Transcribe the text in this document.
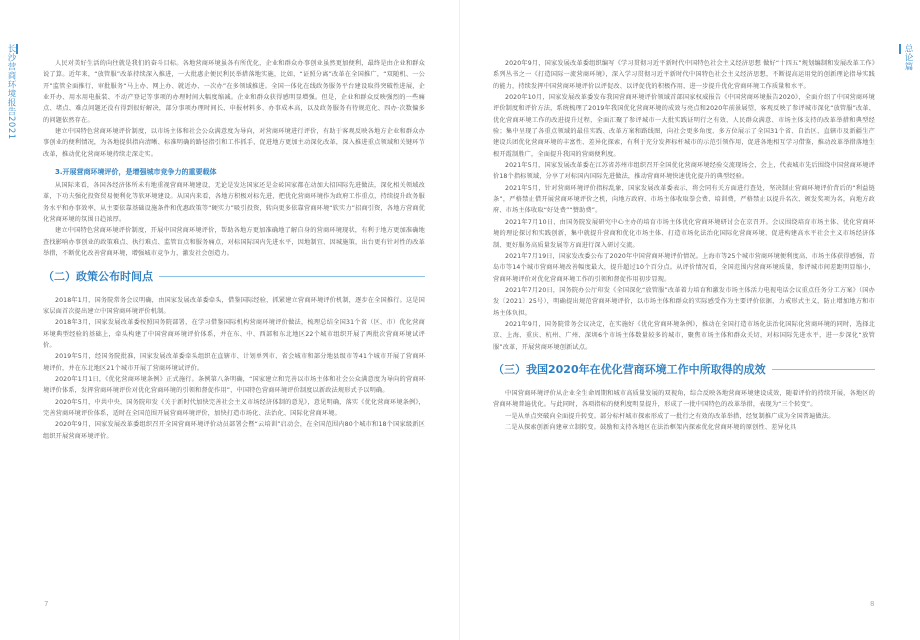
长沙营商环境报告2021	人民对美好生活的向往就是我们的奋斗目标。各地营商环境虽各有所优化，企业和群众办事创业虽然更加便利，最终是由企业和群众说了算。近年来，“放管服”改革持续深入推进，一大批惠企便民利民举措落地实施，比如，“证照分离”改革在全国推广，“双随机、一公开”监管全面推行，审批服务“马上办、网上办、就近办、一次办”在多领域推进。全国一体化在线政务服务平台建设取得突破性进展，企业开办、用水用电报装、不动产登记等事项的办理时间大幅度缩减。企业和群众获得感明显增强。但是，企业和群众反映强烈的一些痛点、堵点、难点问题还没有得到很好解决，部分事项办理时间长、申报材料多、办事成本高，以及政务服务有待规范化、四办·次数偏多的问题依然存在。

建立中国特色营商环境评价制度，以市场主体和社会公众满意度为导向，对营商环境进行评价，有助于客观反映各地方企业和群众办事创业的便利情况，为各地提供指向清晰、标准明确的路径指引和工作抓手，促进地方更加主动深化改革，深入推进重点领域和关键环节改革，推动优化营商环境持续走深走实。

3.开展营商环境评价，是增强城市竞争力的重要载体

从国际来看，各国各经济体所未有地重视营商环境建设，无论是发达国家还是金砖国家都在动加大招国际先进做法，深化相关领域改革，下功夫强化投资贸易便利化等软环境建设。从国内来看，各地方积极对标先进，把优化营商环境作为政府工作重点，持续提升政务服务水平和办事效率，从主要依靠基础设施条件和优惠政策等“硬实力”吸引投资，转向更多依靠营商环境“软实力”招商引资，各地方营商优化营商环境的氛围日趋浓厚。

建立中国特色营商环境评价制度，开展中国营商环境评价，帮助各地方更加准确地了解自身的营商环境现状，有利于地方更加准确地查找影响办事创业的政策难点、执行难点、监管盲点和服务痛点，对标国际国内先进水平，因地制宜、因城施策，出台更有针对性的改革举措，不断优化改善营商环境，增强城市竞争力，激发社会创造力。

（二）政策公布时间点

2018年1月，国务院常务会议明确，由国家发展改革委牵头，借鉴国际经验，抓紧建立营商环境评价机制，逐步在全国推行。这是国家层面首次提出建立中国营商环境评价机制。

2018年3月，国家发展改革委按照国务院部署，在学习借鉴国际机构营商环境评价做法，梳理总结全国31个省（区、市）优化营商环境典型经验的基础上，牵头构建了中国营商环境评价体系，并在东、中、西部和东北地区22个城市组织开展了两批次营商环境试评价。

2019年5月，经国务院批准，国家发展改革委牵头组织在直辖市、计划单列市、省会城市和部分地县级市等41个城市开展了营商环境评价，并在东北地区21个城市开展了营商环境试评价。

2020年1月1日，《优化营商环境条例》正式施行。条例第八条明确，“国家建立和完善以市场主体和社会公众满意度为导向的营商环境评价体系，发挥营商环境评价对优化营商环境的引领和督促作用”，中国特色营商环境评价制度以新政法规形式予以明确。

2020年5月，中共中央、国务院印发《关于新时代加快完善社会主义市场经济体制的意见》，意见明确，落实《优化营商环境条例》，完善营商环境评价体系，适时在全国范围开展营商环境评价，加快打造市场化、法治化、国际化营商环境。

2020年9月，国家发展改革委组织召开全国营商环境评价动员部署会暨“云培训”启动会，在全国范围内80个城市和18个国家级新区组织开展营商环境评价。

7
总论篇

2020年9月，国家发展改革委组织编写《学习贯彻习近平新时代中国特色社会主义经济思想 做好“十四五”规划编制和发展改革工作》系列丛书之一《打造国际一流营商环境》，深入学习贯彻习近平新时代中国特色社会主义经济思想，不断提高运用党的创新理论指导实践的能力，持续发挥中国营商环境评价以评促改、以评促优的积极作用，进一步提升优化营商环境工作质量和水平。

2020年10月，国家发展改革委发布我国营商环境评价领域首部国家权威报告《中国营商环境报告2020》，全面介绍了中国营商环境评价制度和评价方法，系统梳理了2019年我国优化营商环境的成效与亮点和2020年前景展望，客观反映了参评城市深化“放管服”改革、优化营商环境工作的改进提升过程，全面汇聚了参评城市一大批实践证明行之有效、人民群众满意、市场主体支持的改革举措和典型经验；集中呈现了各重点领域的最佳实践、改革方案和路线图，向社会更多角度、多方位展示了全国31个省、自治区、直辖市及新疆生产建设兵团优化营商环境的丰富性、差异化探索，有利于充分发挥标杆城市的示范引领作用，促进各地相互学习借鉴，推动改革举措落地生根开霞制胜广，全面提升我国的营商便利度。

2021年5月，国家发展改革委在江苏省苏州市组织召开全国优化营商环境经验交流现场会，会上，代表城市先后围绕中国营商环境评价18个指标领域，分享了对标国内国际先进做法，推动营商环境快速优化提升的典型经验。

2021年5月，针对营商环境评价指标乱象，国家发展改革委表示，将会同有关方面进行查处，坚决制止营商环境评价背后的“利益链条”，严格禁止借开展营商环境评价之机，向地方政府、市场主体收取拳会费、培训费，严格禁止以提升名次、颁发奖项为名，向地方政府、市场主体收取“好处费”“赞助费”。

2021年7月10日，由国务院发展研究中心主办的培育市场主体优化营商环境研讨会在京召开。会议围绕培育市场主体、优化营商环境的理论探讨和实践创新，集中就提升营商和优化市场主体、打造市场化法治化国际化营商环境、促进构建高水平社会主义市场经济体制、更好服务高质量发展等方面进行深入研讨交流。

2021年7月19日，国家发改委公布了2020年中国营商环境评价情况。上海市等25个城市营商环境便利度高、市场主体获得感强，青岛市等14个城市营商环境改善幅度最大，提升超过10个百分点。从评价情况看，全国范围内营商环境质量，参评城市间差距明显缩小，营商环境评价对优化营商环境工作的引领和督促作用初步显现。

2021年7月20日，国务院办公厅印发《全国深化“放管服”改革着力培育和激发市场主体活力电视电话会议重点任务分工方案》（国办发〔2021〕25号），明确提出规范营商环境评价，以市场主体和群众的实际感受作为主要评价依据，力戒形式主义，防止增加地方和市场主体负担。

2021年9月，国务院常务会议决定，在实施好《优化营商环境条例》，推动在全国打造市场化法治化国际化营商环境的同时，选择北京、上海、重庆、杭州、广州、深圳6个市场主体数量较多的城市，聚焦市场主体和群众关切，对标国际先进水平，进一步深化“放管服”改革，开展营商环境创新试点。

（三）我国2020年在优化营商环境工作中所取得的成效

中国营商环境评价从企业全生命周期和城市高质量发展的双视角，综合反映各地营商环境建设成效，随着评价的持续开展，各地区的营商环境普遍优化。与此同时，各项指标的便利度明显提升，形成了一批中国特色的改革举措，表现为“三个转变”。

一是从单点突破向全面提升转变。部分标杆城市探索形成了一批行之有效的改革举措，经复制推广成为全国普遍做法。

二是从探索创新向建章立制转变。鼓励和支持各地区在法治框架内探索优化营商环境的原创性、差异化具

8
